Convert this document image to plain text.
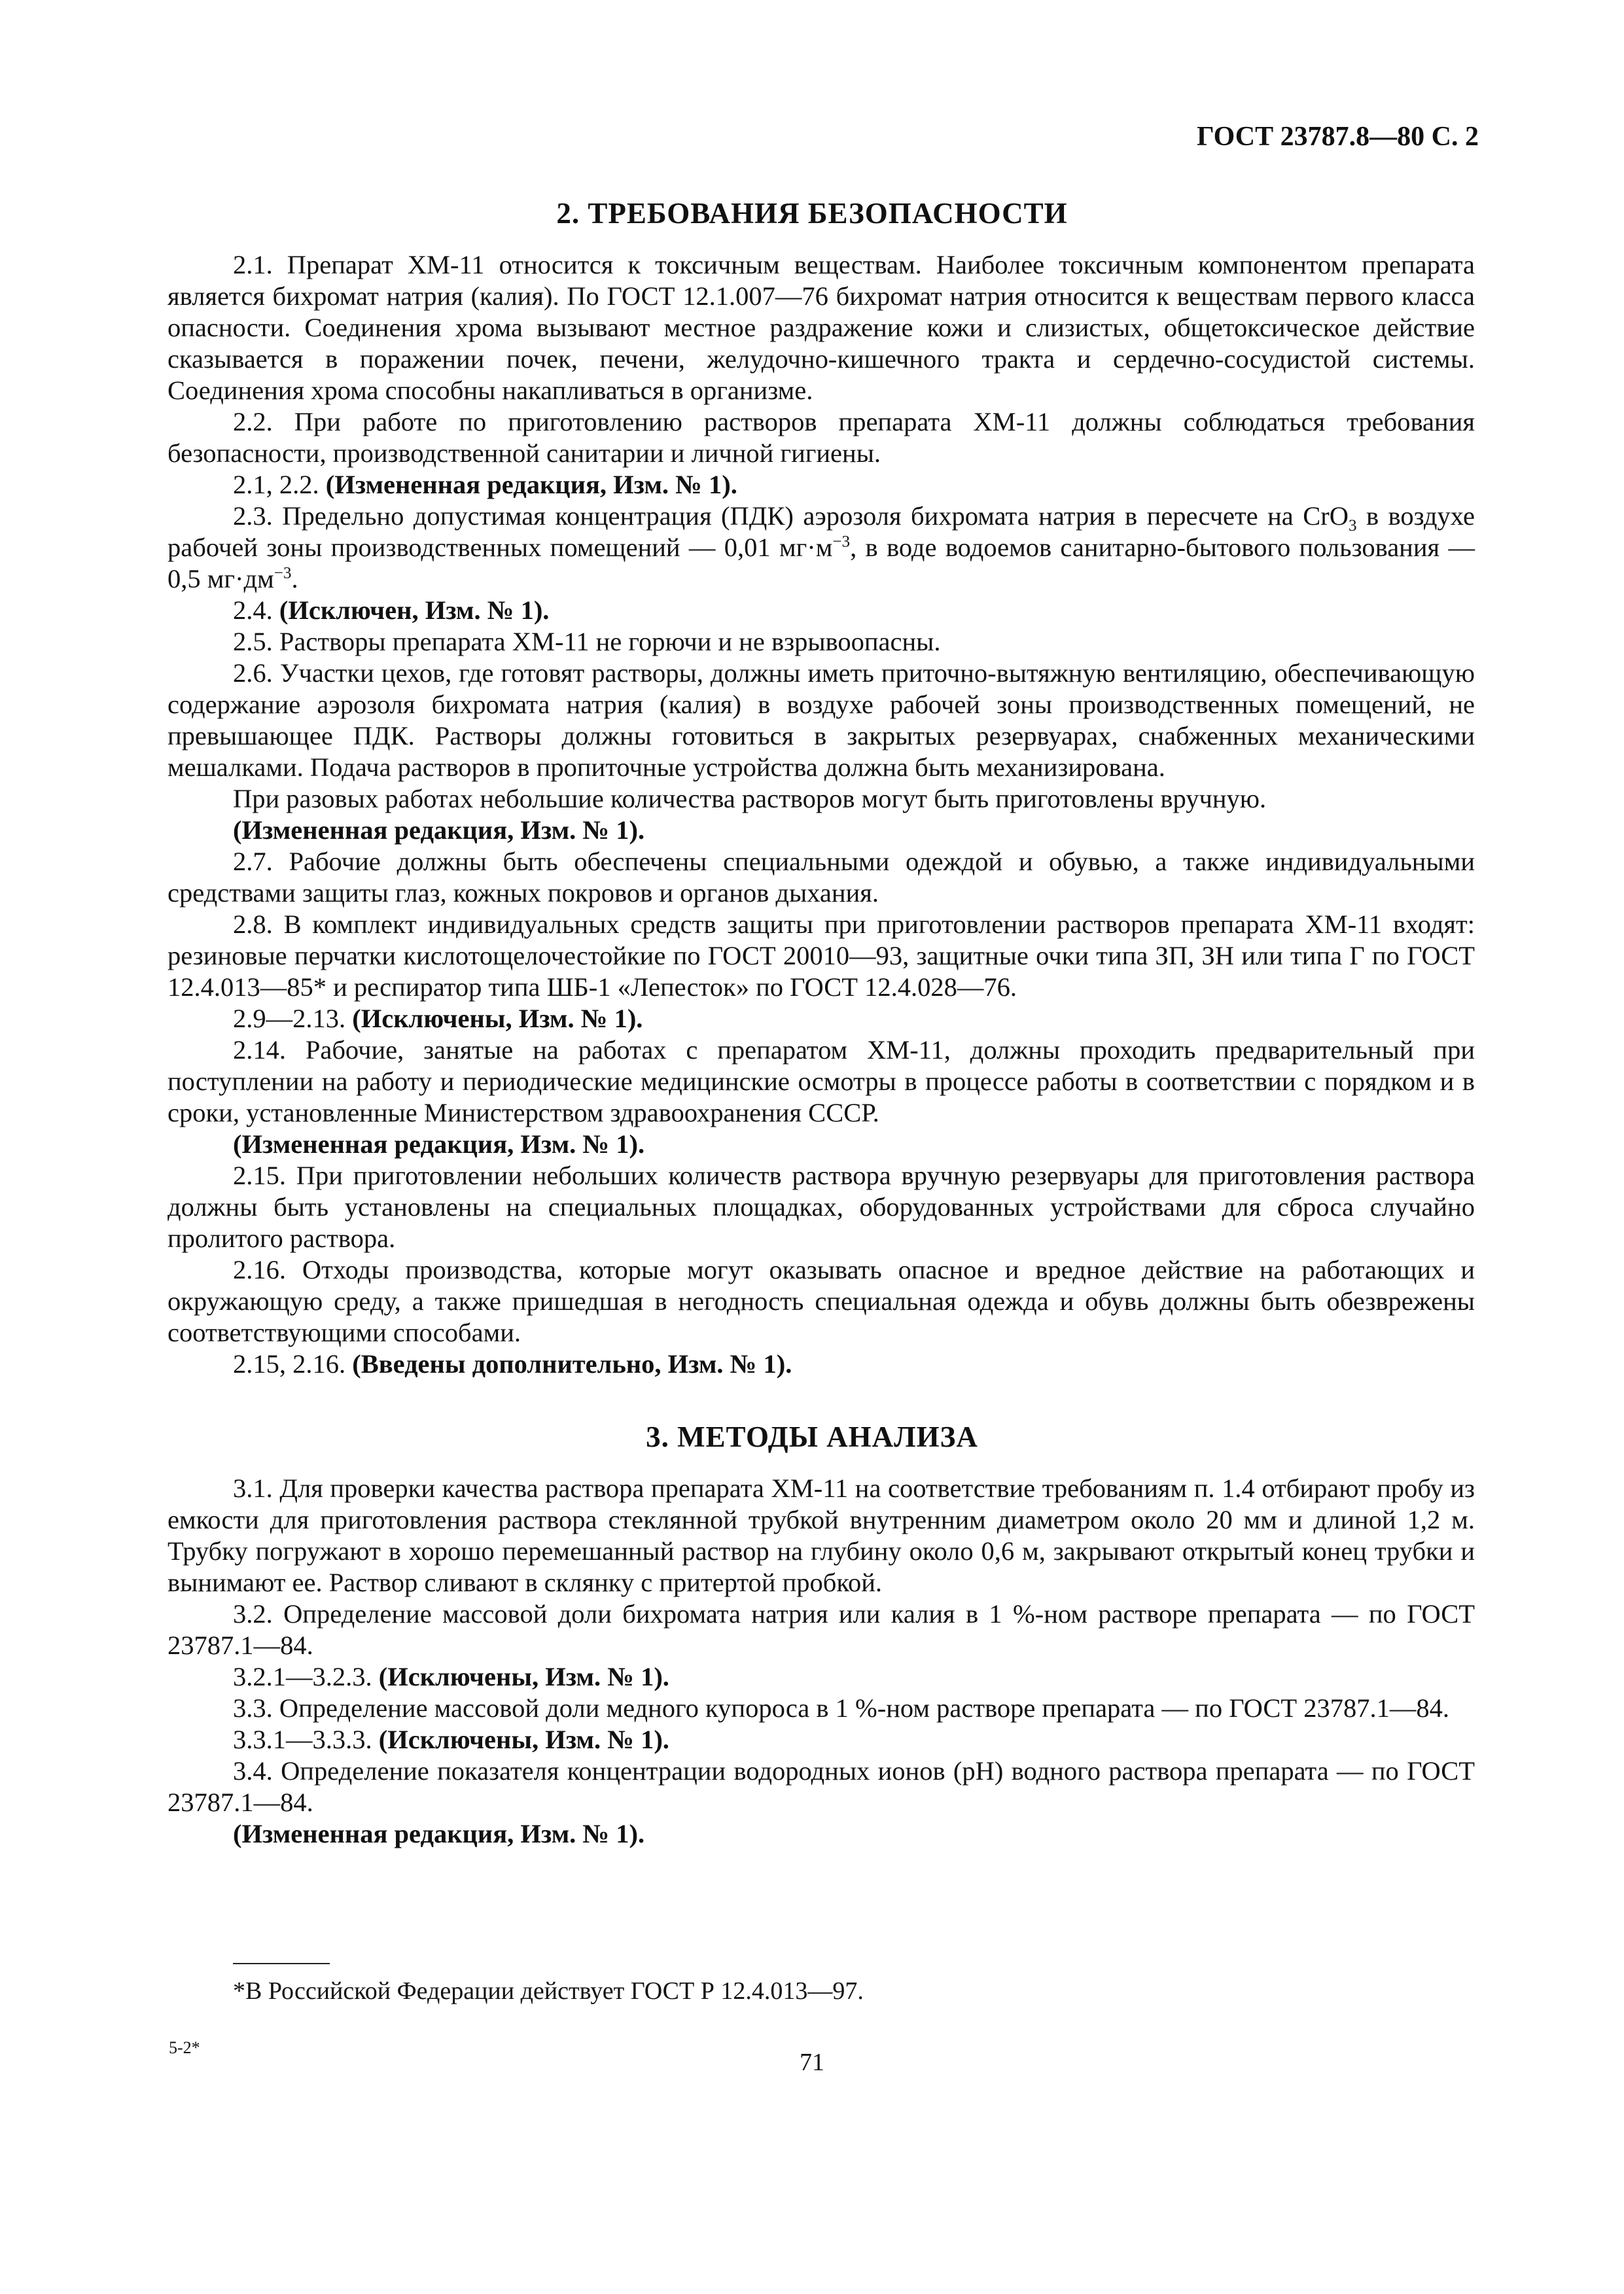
ГОСТ 23787.8—80 С. 2
2. ТРЕБОВАНИЯ БЕЗОПАСНОСТИ

2.1. Препарат ХМ-11 относится к токсичным веществам. Наиболее токсичным компонентом препарата является бихромат натрия (калия). По ГОСТ 12.1.007—76 бихромат натрия относится к веществам первого класса опасности. Соединения хрома вызывают местное раздражение кожи и слизистых, общетоксическое действие сказывается в поражении почек, печени, желудочно-кишечного тракта и сердечно-сосудистой системы. Соединения хрома способны накапливаться в организме.

2.2. При работе по приготовлению растворов препарата ХМ-11 должны соблюдаться требования безопасности, производственной санитарии и личной гигиены.

2.1, 2.2. (Измененная редакция, Изм. № 1).

2.3. Предельно допустимая концентрация (ПДК) аэрозоля бихромата натрия в пересчете на CrO$_3$ в воздухе рабочей зоны производственных помещений — 0,01 $мг\cdot м^{-3}$, в воде водоемов санитарно-бытового пользования — 0,5 $мг\cdot дм^{-3}$.

2.4. (Исключен, Изм. № 1).

2.5. Растворы препарата ХМ-11 не горючи и не взрывоопасны.

2.6. Участки цехов, где готовят растворы, должны иметь приточно-вытяжную вентиляцию, обеспечивающую содержание аэрозоля бихромата натрия (калия) в воздухе рабочей зоны производственных помещений, не превышающее ПДК. Растворы должны готовиться в закрытых резервуарах, снабженных механическими мешалками. Подача растворов в пропиточные устройства должна быть механизирована.

При разовых работах небольшие количества растворов могут быть приготовлены вручную.

(Измененная редакция, Изм. № 1).

2.7. Рабочие должны быть обеспечены специальными одеждой и обувью, а также индивидуальными средствами защиты глаз, кожных покровов и органов дыхания.

2.8. В комплект индивидуальных средств защиты при приготовлении растворов препарата ХМ-11 входят: резиновые перчатки кислотощелочестойкие по ГОСТ 20010—93, защитные очки типа ЗП, ЗН или типа Г по ГОСТ 12.4.013—85* и респиратор типа ШБ-1 «Лепесток» по ГОСТ 12.4.028—76.

2.9—2.13. (Исключены, Изм. № 1).

2.14. Рабочие, занятые на работах с препаратом ХМ-11, должны проходить предварительный при поступлении на работу и периодические медицинские осмотры в процессе работы в соответствии с порядком и в сроки, установленные Министерством здравоохранения СССР.

(Измененная редакция, Изм. № 1).

2.15. При приготовлении небольших количеств раствора вручную резервуары для приготовления раствора должны быть установлены на специальных площадках, оборудованных устройствами для сброса случайно пролитого раствора.

2.16. Отходы производства, которые могут оказывать опасное и вредное действие на работающих и окружающую среду, а также пришедшая в негодность специальная одежда и обувь должны быть обезврежены соответствующими способами.

2.15, 2.16. (Введены дополнительно, Изм. № 1).

3. МЕТОДЫ АНАЛИЗА

3.1. Для проверки качества раствора препарата ХМ-11 на соответствие требованиям п. 1.4 отбирают пробу из емкости для приготовления раствора стеклянной трубкой внутренним диаметром около 20 мм и длиной 1,2 м. Трубку погружают в хорошо перемешанный раствор на глубину около 0,6 м, закрывают открытый конец трубки и вынимают ее. Раствор сливают в склянку с притертой пробкой.

3.2. Определение массовой доли бихромата натрия или калия в 1 %-ном растворе препарата — по ГОСТ 23787.1—84.

3.2.1—3.2.3. (Исключены, Изм. № 1).

3.3. Определение массовой доли медного купороса в 1 %-ном растворе препарата — по ГОСТ 23787.1—84.

3.3.1—3.3.3. (Исключены, Изм. № 1).

3.4. Определение показателя концентрации водородных ионов (pH) водного раствора препарата — по ГОСТ 23787.1—84.

(Измененная редакция, Изм. № 1).

*В Российской Федерации действует ГОСТ Р 12.4.013—97.
5-2*
71
